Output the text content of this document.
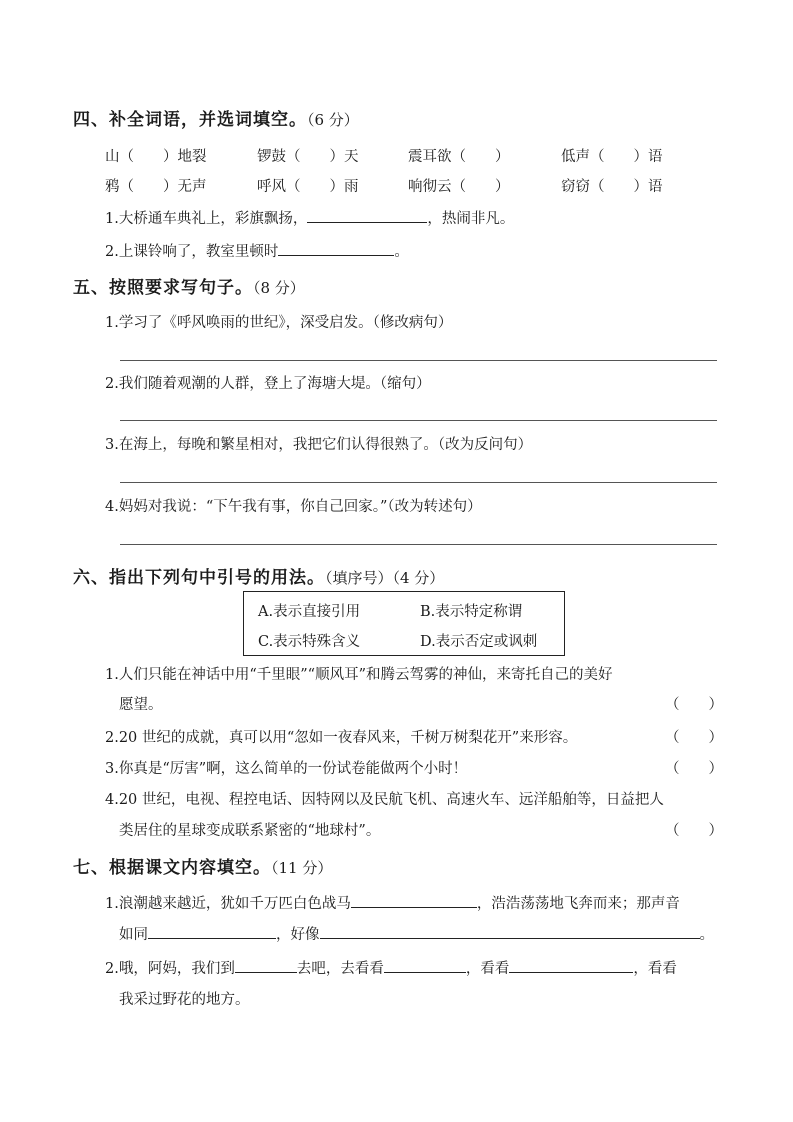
四、补全词语，并选词填空。（6 分）
山（　　）地裂	锣鼓（　　）天	震耳欲（　　）	低声（　　）语
鸦（　　）无声	呼风（　　）雨	响彻云（　　）	窃窃（　　）语
1.大桥通车典礼上，彩旗飘扬，	，热闹非凡。
2.上课铃响了，教室里顿时	。
五、按照要求写句子。（8 分）
1.学习了《呼风唤雨的世纪》，深受启发。（修改病句）
2.我们随着观潮的人群，登上了海塘大堤。（缩句）
3.在海上，每晚和繁星相对，我把它们认得很熟了。（改为反问句）
4.妈妈对我说：“下午我有事，你自己回家。”（改为转述句）
六、指出下列句中引号的用法。（填序号）（4 分）
A.表示直接引用	B.表示特定称谓
C.表示特殊含义	D.表示否定或讽刺
1.人们只能在神话中用“千里眼”“顺风耳”和腾云驾雾的神仙，来寄托自己的美好
愿望。	（　　）
2.20 世纪的成就，真可以用“忽如一夜春风来，千树万树梨花开”来形容。	（　　）
3.你真是“厉害”啊，这么简单的一份试卷能做两个小时！	（　　）
4.20 世纪，电视、程控电话、因特网以及民航飞机、高速火车、远洋船舶等，日益把人
类居住的星球变成联系紧密的“地球村”。	（　　）
七、根据课文内容填空。（11 分）
1.浪潮越来越近，犹如千万匹白色战马	，浩浩荡荡地飞奔而来；那声音
如同	，好像	。
2.哦，阿妈，我们到	去吧，去看看	，看看	，看看
我采过野花的地方。
